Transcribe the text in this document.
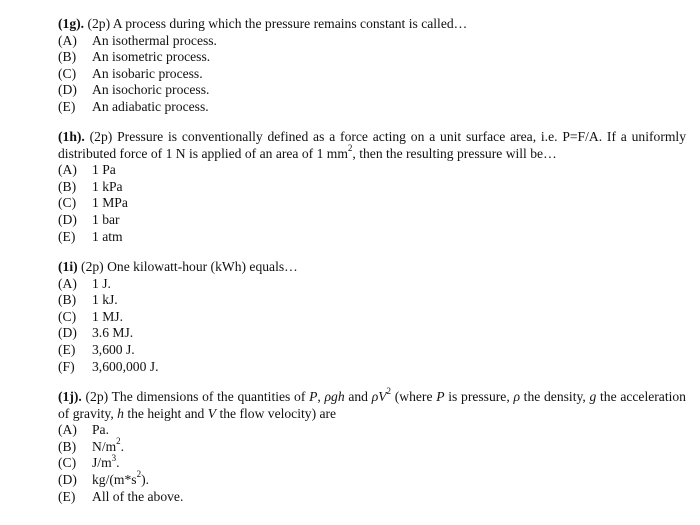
(1g). (2p) A process during which the pressure remains constant is called…
(A) An isothermal process.
(B) An isometric process.
(C) An isobaric process.
(D) An isochoric process.
(E) An adiabatic process.
(1h). (2p) Pressure is conventionally defined as a force acting on a unit surface area, i.e. P=F/A. If a uniformly distributed force of 1 N is applied of an area of 1 $mm^2$, then the resulting pressure will be…
(A) 1 Pa
(B) 1 kPa
(C) 1 MPa
(D) 1 bar
(E) 1 atm
(1i) (2p) One kilowatt-hour (kWh) equals…
(A) 1 J.
(B) 1 kJ.
(C) 1 MJ.
(D) 3.6 MJ.
(E) 3,600 J.
(F) 3,600,000 J.
(1j). (2p) The dimensions of the quantities of P, ρgh and $\rho V^2$ (where P is pressure, ρ the density, g the acceleration of gravity, h the height and V the flow velocity) are
(A) Pa.
(B) $N/m^2$.
(C) $J/m^3$.
(D) $kg/(m*s^2)$.
(E) All of the above.
